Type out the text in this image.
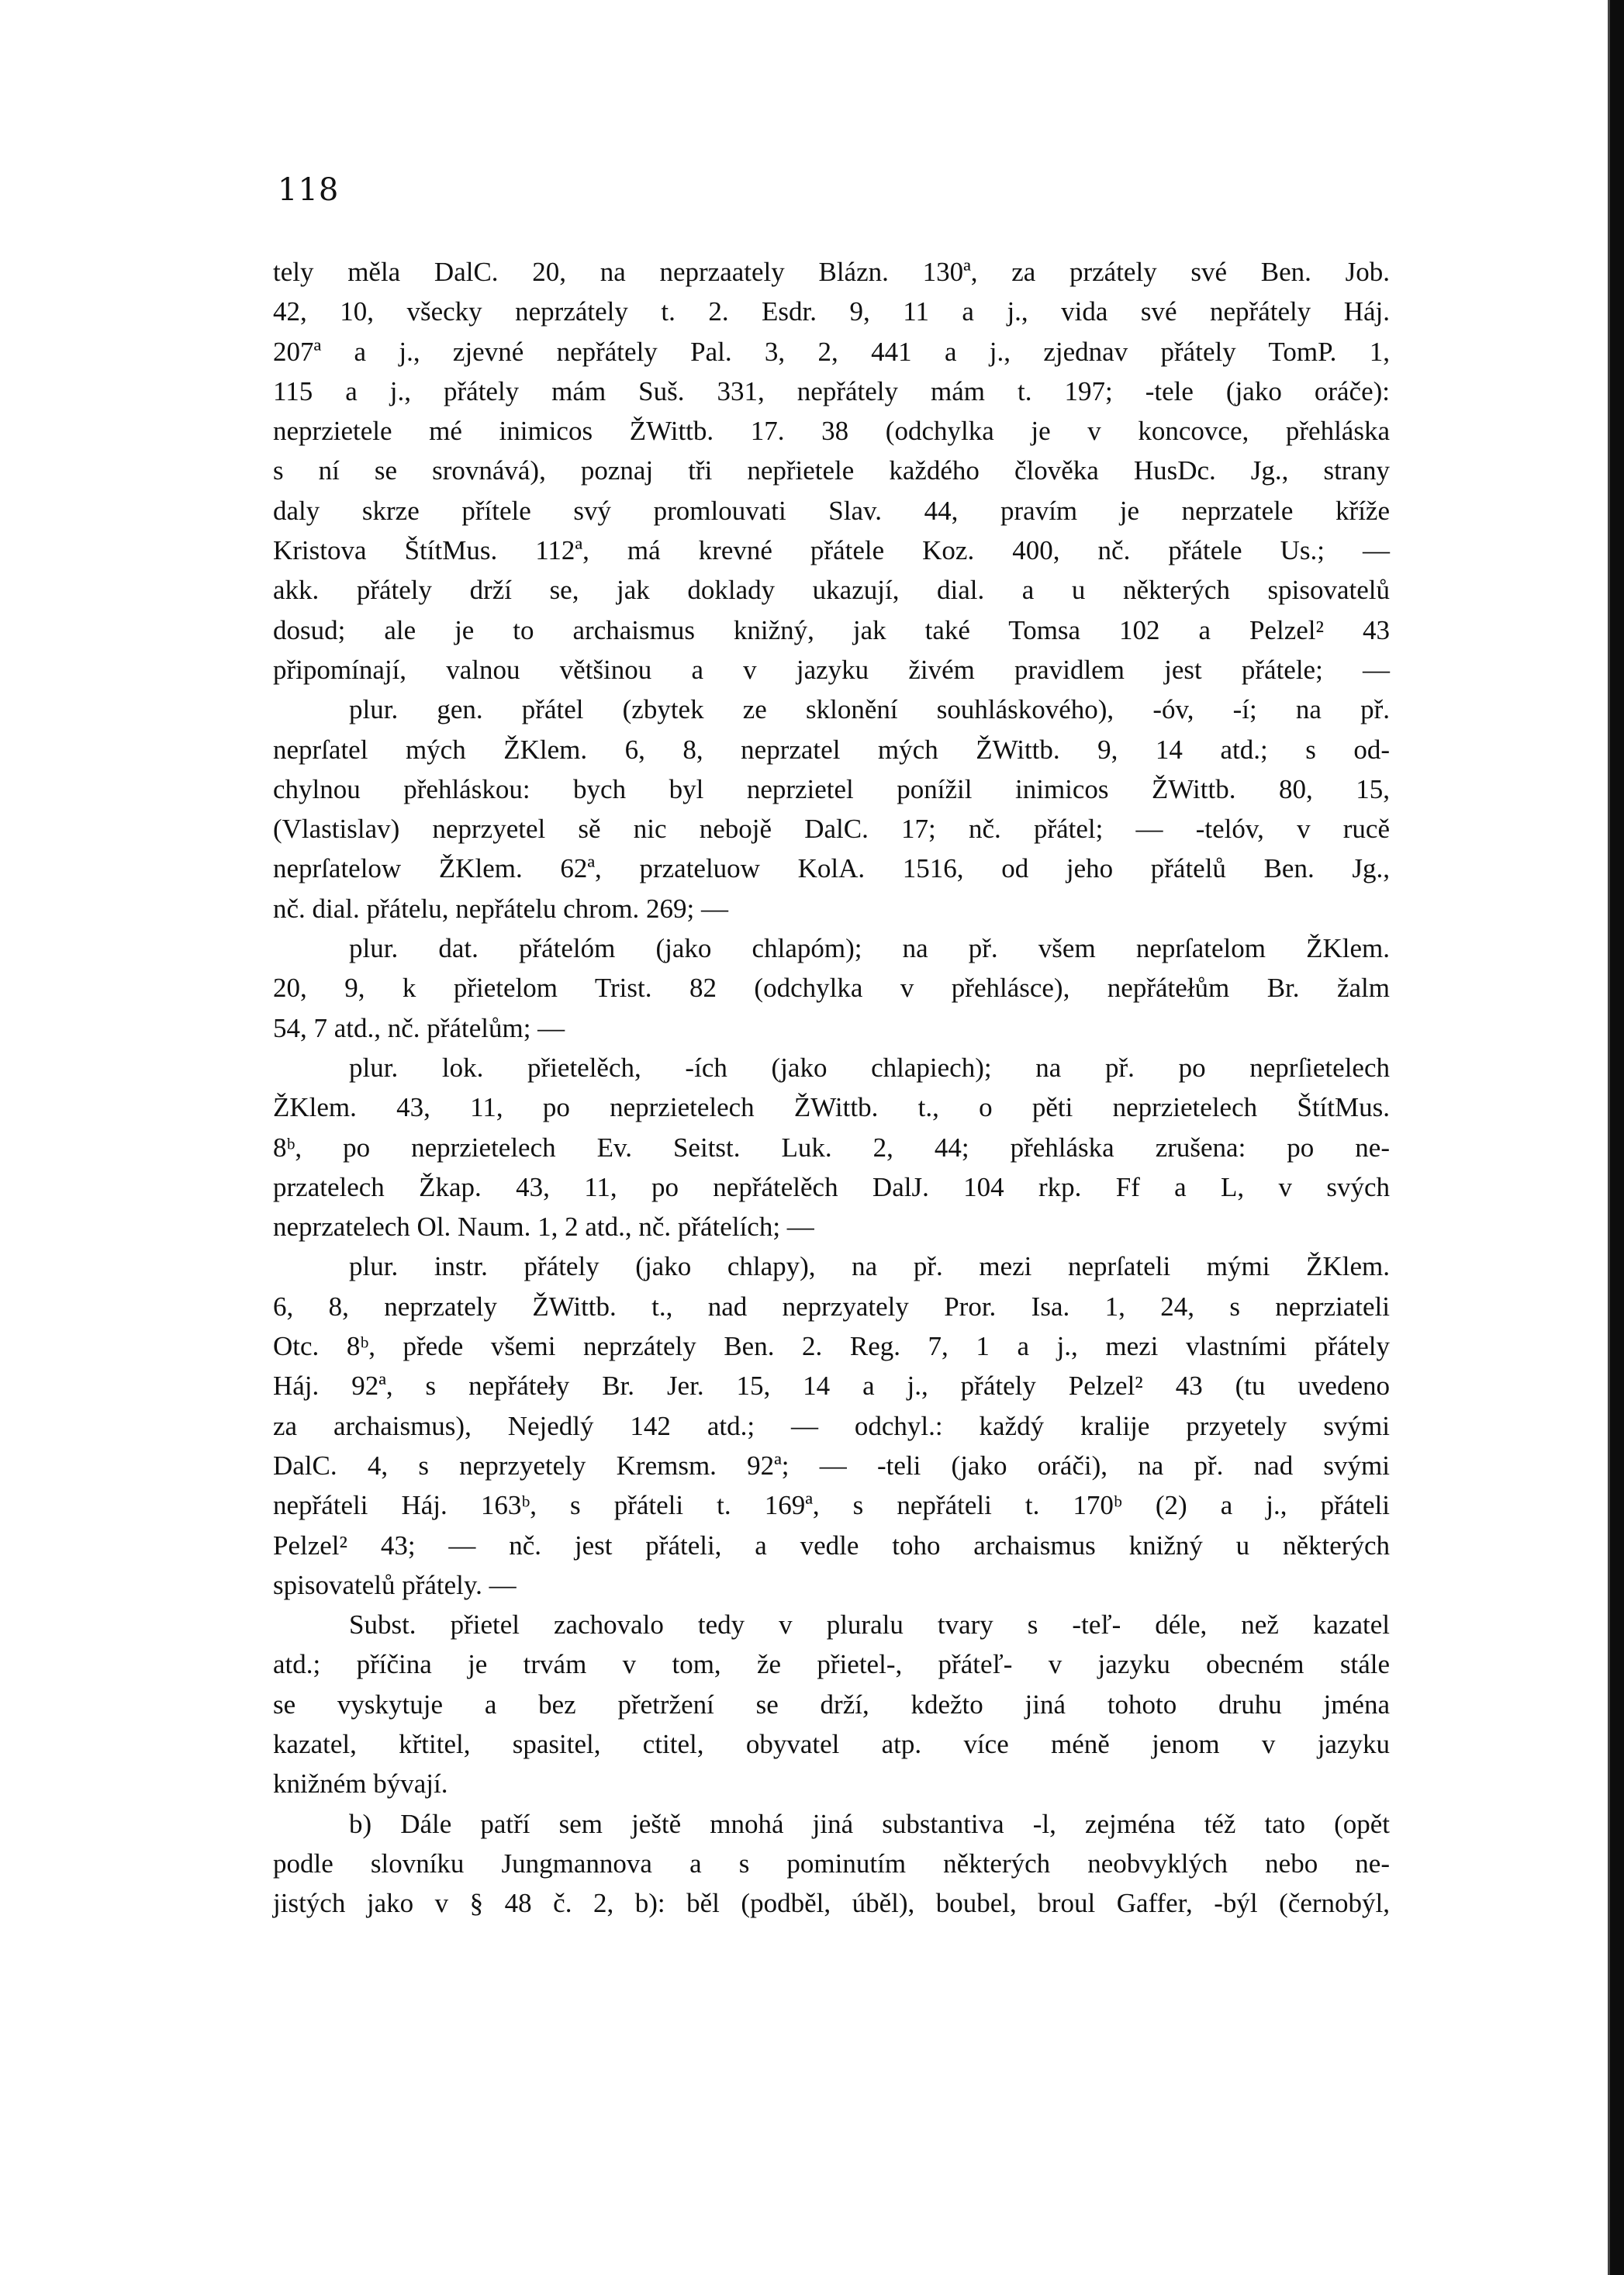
118
tely měla DalC. 20, na neprzaately Blázn. 130ª, za przátely své Ben. Job.
42, 10, všecky neprzátely t. 2. Esdr. 9, 11 a j., vida své nepřátely Háj.
207ª a j., zjevné nepřátely Pal. 3, 2, 441 a j., zjednav přátely TomP. 1,
115 a j., přátely mám Suš. 331, nepřátely mám t. 197; -tele (jako oráče):
neprzietele mé inimicos ŽWittb. 17. 38 (odchylka je v koncovce, přehláska
s ní se srovnává), poznaj tři nepřietele každého člověka HusDc. Jg., strany
daly skrze přítele svý promlouvati Slav. 44, pravím je neprzatele kříže
Kristova ŠtítMus. 112ª, má krevné přátele Koz. 400, nč. přátele Us.; —
akk. přátely drží se, jak doklady ukazují, dial. a u některých spisovatelů
dosud; ale je to archaismus knižný, jak také Tomsa 102 a Pelzel² 43
připomínají, valnou většinou a v jazyku živém pravidlem jest přátele; —
plur. gen. přátel (zbytek ze sklonění souhláskového), -óv, -í; na př.
neprſatel mých ŽKlem. 6, 8, neprzatel mých ŽWittb. 9, 14 atd.; s od-
chylnou přehláskou: bych byl neprzietel ponížil inimicos ŽWittb. 80, 15,
(Vlastislav) neprzyetel sě nic nebojě DalC. 17; nč. přátel; — -telóv, v rucě
neprſatelow ŽKlem. 62ª, przateluow KolA. 1516, od jeho přátelů Ben. Jg.,
nč. dial. přátelu, nepřátelu chrom. 269; —
plur. dat. přátelóm (jako chlapóm); na př. všem neprſatelom ŽKlem.
20, 9, k přietelom Trist. 82 (odchylka v přehlásce), nepřátełům Br. žalm
54, 7 atd., nč. přátelům; —
plur. lok. přietelěch, -ích (jako chlapiech); na př. po neprſietelech
ŽKlem. 43, 11, po neprzietelech ŽWittb. t., o pěti neprzietelech ŠtítMus.
8ᵇ, po neprzietelech Ev. Seitst. Luk. 2, 44; přehláska zrušena: po ne-
przatelech Žkap. 43, 11, po nepřátelěch DalJ. 104 rkp. Ff a L, v svých
neprzatelech Ol. Naum. 1, 2 atd., nč. přátelích; —
plur. instr. přátely (jako chlapy), na př. mezi neprſateli mými ŽKlem.
6, 8, neprzately ŽWittb. t., nad neprzyately Pror. Isa. 1, 24, s neprziateli
Otc. 8ᵇ, přede všemi neprzátely Ben. 2. Reg. 7, 1 a j., mezi vlastními přátely
Háj. 92ª, s nepřátełу Br. Jer. 15, 14 a j., přátely Pelzel² 43 (tu uvedeno
za archaismus), Nejedlý 142 atd.; — odchyl.: každý kralije przyetely svými
DalC. 4, s neprzyetely Kremsm. 92ª; — -teli (jako oráči), na př. nad svými
nepřáteli Háj. 163ᵇ, s přáteli t. 169ª, s nepřáteli t. 170ᵇ (2) a j., přáteli
Pelzel² 43; — nč. jest přáteli, a vedle toho archaismus knižný u některých
spisovatelů přátely. —
Subst. přietel zachovalo tedy v pluralu tvary s -teľ- déle, než kazatel
atd.; příčina je trvám v tom, že přietel-, přáteľ- v jazyku obecném stále
se vyskytuje a bez přetržení se drží, kdežto jiná tohoto druhu jména
kazatel, křtitel, spasitel, ctitel, obyvatel atp. více méně jenom v jazyku
knižném bývají.
b) Dále patří sem ještě mnohá jiná substantiva -l, zejména též tato (opět
podle slovníku Jungmannova a s pominutím některých neobvyklých nebo ne-
jistých jako v § 48 č. 2, b): běl (podběl, úběl), boubel, broul Gaffer, -býl (černobýl,
